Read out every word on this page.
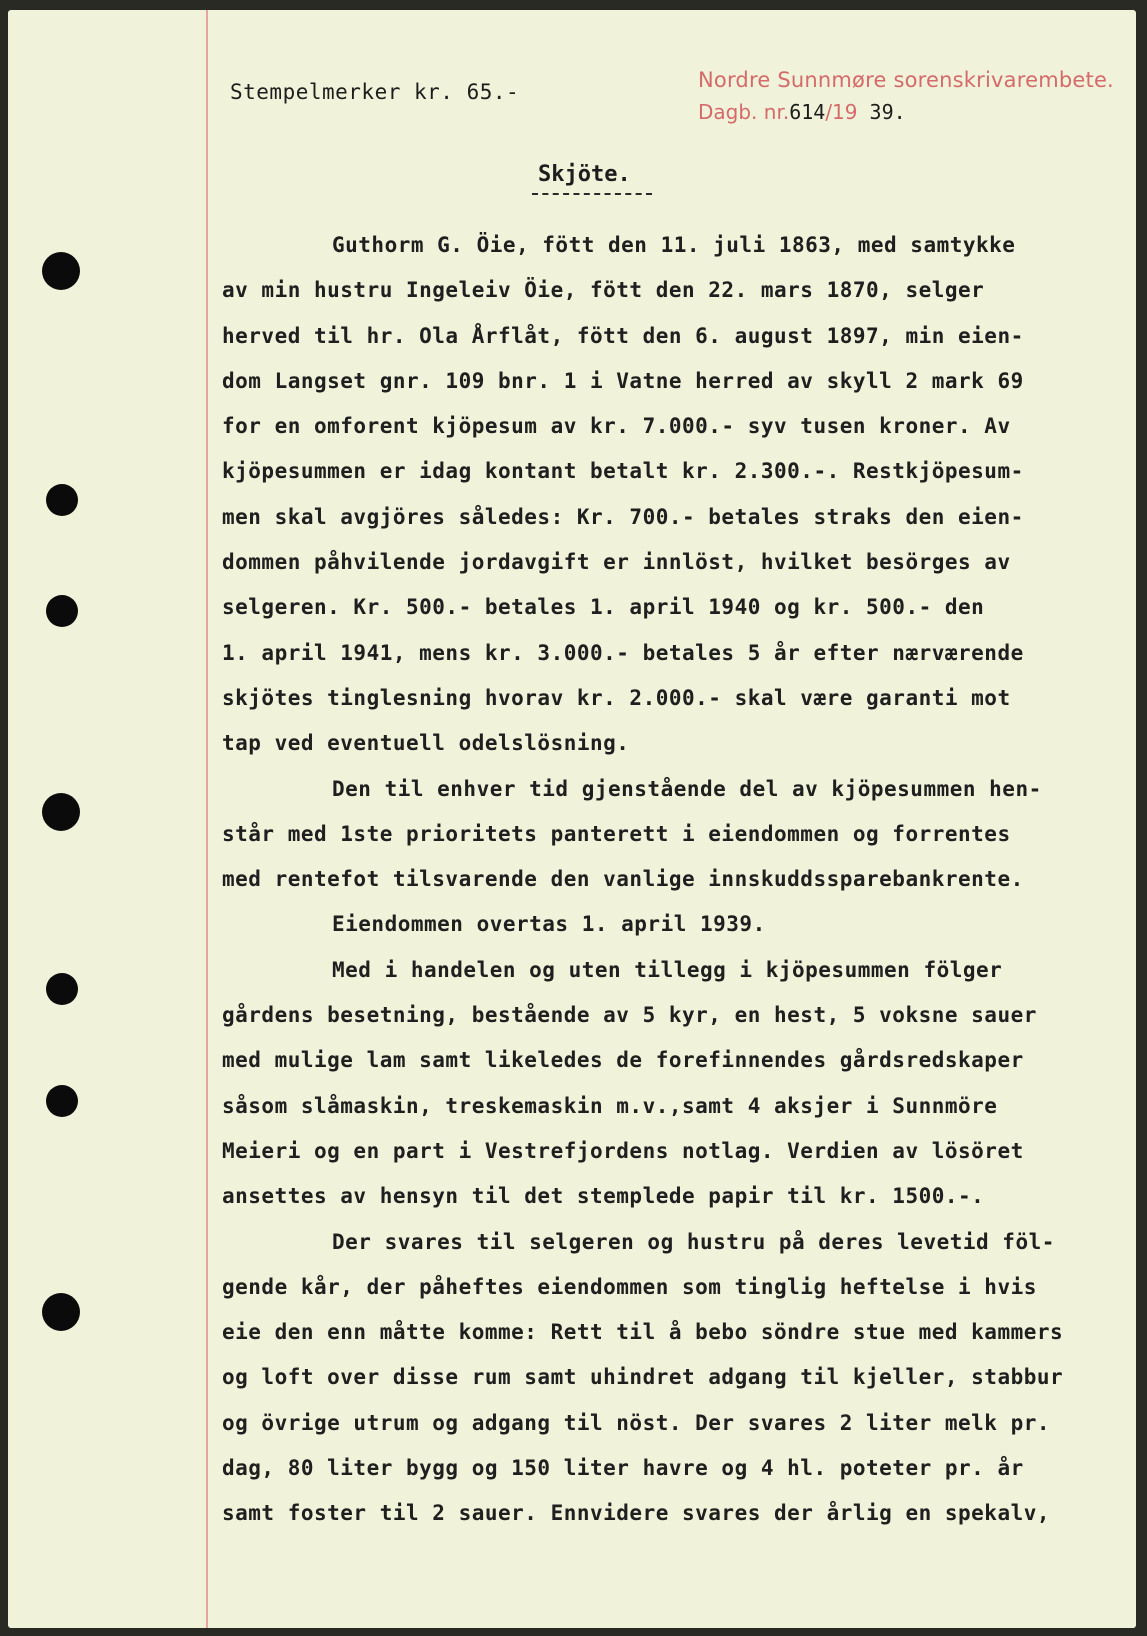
Stempelmerker kr. 65.-	Nordre Sunnmøre sorenskrivarembete.
Dagb. nr.614/19 39.
Skjöte.
Guthorm G. Öie, fött den 11. juli 1863, med samtykke
av min hustru Ingeleiv Öie, fött den 22. mars 1870, selger
herved til hr. Ola Årflåt, fött den 6. august 1897, min eien-
dom Langset gnr. 109 bnr. 1 i Vatne herred av skyll 2 mark 69
for en omforent kjöpesum av kr. 7.000.- syv tusen kroner. Av
kjöpesummen er idag kontant betalt kr. 2.300.-. Restkjöpesum-
men skal avgjöres således: Kr. 700.- betales straks den eien-
dommen påhvilende jordavgift er innlöst, hvilket besörges av
selgeren. Kr. 500.- betales 1. april 1940 og kr. 500.- den
1. april 1941, mens kr. 3.000.- betales 5 år efter nærværende
skjötes tinglesning hvorav kr. 2.000.- skal være garanti mot
tap ved eventuell odelslösning.
Den til enhver tid gjenstående del av kjöpesummen hen-
står med 1ste prioritets panterett i eiendommen og forrentes
med rentefot tilsvarende den vanlige innskuddssparebankrente.
Eiendommen overtas 1. april 1939.
Med i handelen og uten tillegg i kjöpesummen fölger
gårdens besetning, bestående av 5 kyr, en hest, 5 voksne sauer
med mulige lam samt likeledes de forefinnendes gårdsredskaper
såsom slåmaskin, treskemaskin m.v.,samt 4 aksjer i Sunnmöre
Meieri og en part i Vestrefjordens notlag. Verdien av lösöret
ansettes av hensyn til det stemplede papir til kr. 1500.-.
Der svares til selgeren og hustru på deres levetid föl-
gende kår, der påheftes eiendommen som tinglig heftelse i hvis
eie den enn måtte komme: Rett til å bebo söndre stue med kammers
og loft over disse rum samt uhindret adgang til kjeller, stabbur
og övrige utrum og adgang til nöst. Der svares 2 liter melk pr.
dag, 80 liter bygg og 150 liter havre og 4 hl. poteter pr. år
samt foster til 2 sauer. Ennvidere svares der årlig en spekalv,
